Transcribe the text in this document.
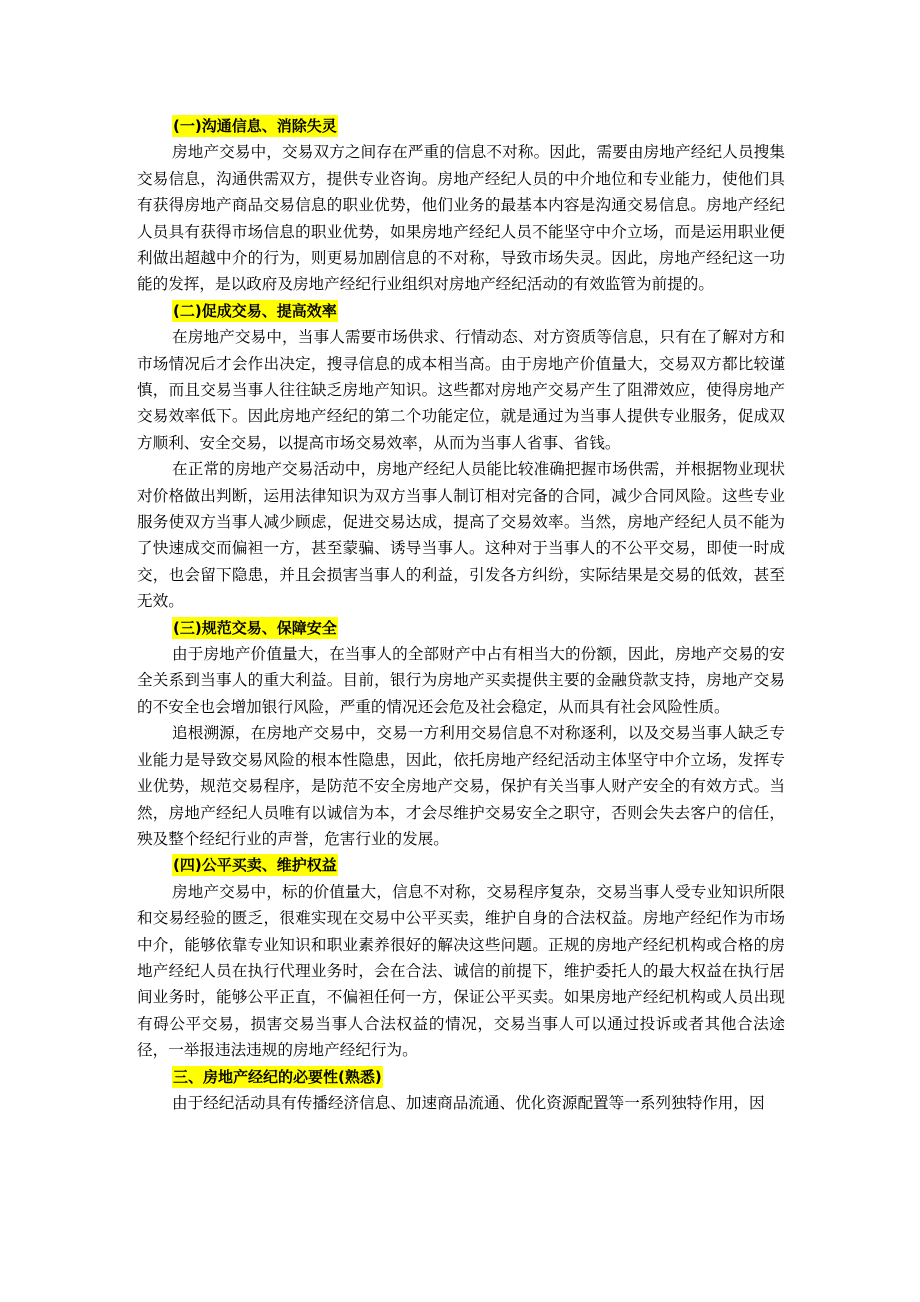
(一)沟通信息、消除失灵

房地产交易中，交易双方之间存在严重的信息不对称。因此，需要由房地产经纪人员搜集交易信息，沟通供需双方，提供专业咨询。房地产经纪人员的中介地位和专业能力，使他们具有获得房地产商品交易信息的职业优势，他们业务的最基本内容是沟通交易信息。房地产经纪人员具有获得市场信息的职业优势，如果房地产经纪人员不能坚守中介立场，而是运用职业便利做出超越中介的行为，则更易加剧信息的不对称，导致市场失灵。因此，房地产经纪这一功能的发挥，是以政府及房地产经纪行业组织对房地产经纪活动的有效监管为前提的。

(二)促成交易、提高效率

在房地产交易中，当事人需要市场供求、行情动态、对方资质等信息，只有在了解对方和市场情况后才会作出决定，搜寻信息的成本相当高。由于房地产价值量大，交易双方都比较谨慎，而且交易当事人往往缺乏房地产知识。这些都对房地产交易产生了阻滞效应，使得房地产交易效率低下。因此房地产经纪的第二个功能定位，就是通过为当事人提供专业服务，促成双方顺利、安全交易，以提高市场交易效率，从而为当事人省事、省钱。

在正常的房地产交易活动中，房地产经纪人员能比较准确把握市场供需，并根据物业现状对价格做出判断，运用法律知识为双方当事人制订相对完备的合同，减少合同风险。这些专业服务使双方当事人减少顾虑，促进交易达成，提高了交易效率。当然，房地产经纪人员不能为了快速成交而偏袒一方，甚至蒙骗、诱导当事人。这种对于当事人的不公平交易，即使一时成交，也会留下隐患，并且会损害当事人的利益，引发各方纠纷，实际结果是交易的低效，甚至无效。

(三)规范交易、保障安全

由于房地产价值量大，在当事人的全部财产中占有相当大的份额，因此，房地产交易的安全关系到当事人的重大利益。目前，银行为房地产买卖提供主要的金融贷款支持，房地产交易的不安全也会增加银行风险，严重的情况还会危及社会稳定，从而具有社会风险性质。

追根溯源，在房地产交易中，交易一方利用交易信息不对称逐利，以及交易当事人缺乏专业能力是导致交易风险的根本性隐患，因此，依托房地产经纪活动主体坚守中介立场，发挥专业优势，规范交易程序，是防范不安全房地产交易，保护有关当事人财产安全的有效方式。当然，房地产经纪人员唯有以诚信为本，才会尽维护交易安全之职守，否则会失去客户的信任，殃及整个经纪行业的声誉，危害行业的发展。

(四)公平买卖、维护权益

房地产交易中，标的价值量大，信息不对称，交易程序复杂，交易当事人受专业知识所限和交易经验的匮乏，很难实现在交易中公平买卖，维护自身的合法权益。房地产经纪作为市场中介，能够依靠专业知识和职业素养很好的解决这些问题。正规的房地产经纪机构或合格的房地产经纪人员在执行代理业务时，会在合法、诚信的前提下，维护委托人的最大权益在执行居间业务时，能够公平正直，不偏袒任何一方，保证公平买卖。如果房地产经纪机构或人员出现有碍公平交易，损害交易当事人合法权益的情况，交易当事人可以通过投诉或者其他合法途径，一举报违法违规的房地产经纪行为。

三、房地产经纪的必要性(熟悉)

由于经纪活动具有传播经济信息、加速商品流通、优化资源配置等一系列独特作用，因
